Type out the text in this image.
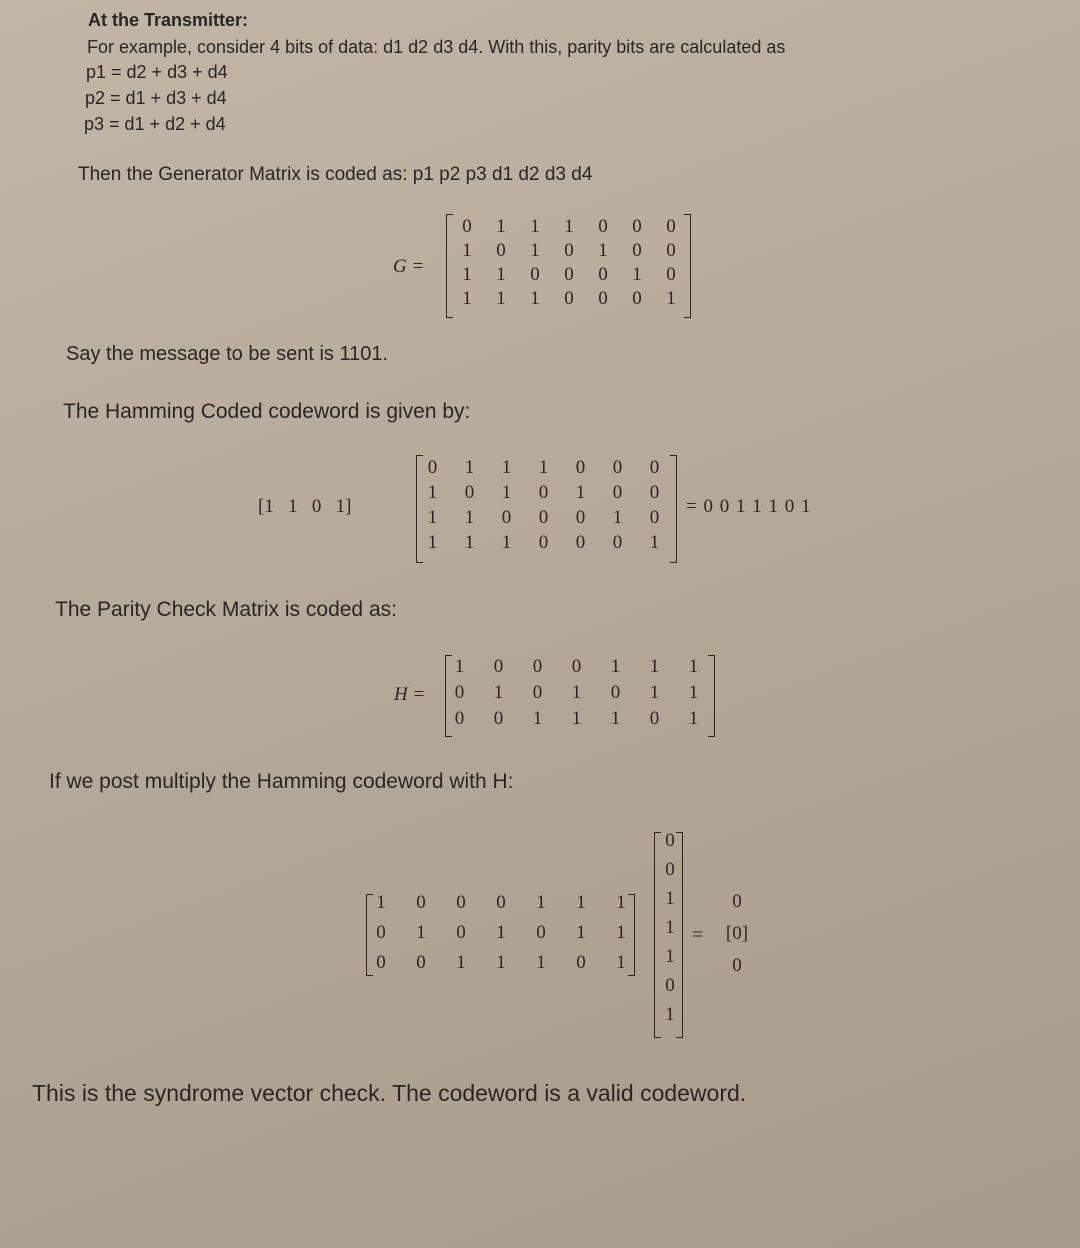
At the Transmitter:
For example, consider 4 bits of data: d1 d2 d3 d4. With this, parity bits are calculated as
p1 = d2 + d3 + d4
p2 = d1 + d3 + d4
p3 = d1 + d2 + d4
Then the Generator Matrix is coded as: p1 p2 p3 d1 d2 d3 d4
G =
0	1	1	1	0	0	0
1	0	1	0	1	0	0
1	1	0	0	0	1	0
1	1	1	0	0	0	1
Say the message to be sent is 1101.
The Hamming Coded codeword is given by:
[1 1 0 1]
0	1	1	1	0	0	0
1	0	1	0	1	0	0
1	1	0	0	0	1	0
1	1	1	0	0	0	1
= 0 0 1 1 1 0 1
The Parity Check Matrix is coded as:
H =
1	0	0	0	1	1	1
0	1	0	1	0	1	1
0	0	1	1	1	0	1
If we post multiply the Hamming codeword with H:
1	0	0	0	1	1	1
0	1	0	1	0	1	1
0	0	1	1	1	0	1
0
0
1
1
1
0
1
=
0
[0]
0
This is the syndrome vector check. The codeword is a valid codeword.
